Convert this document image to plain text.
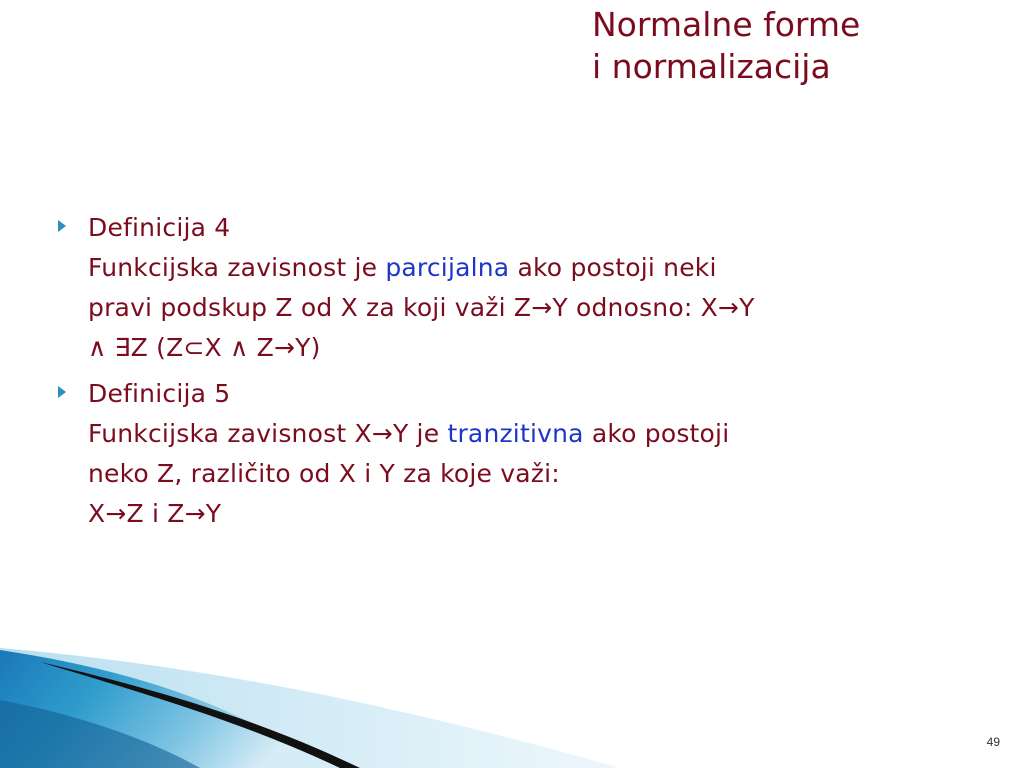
Normalne forme
i normalizacija
Definicija 4
Funkcijska zavisnost je parcijalna ako postoji neki
pravi podskup Z od X za koji važi Z→Y odnosno: X→Y
∧ ∃Z (Z⊂X ∧ Z→Y)
Definicija 5
Funkcijska zavisnost X→Y je tranzitivna ako postoji
neko Z, različito od X i Y za koje važi:
X→Z i Z→Y
49
